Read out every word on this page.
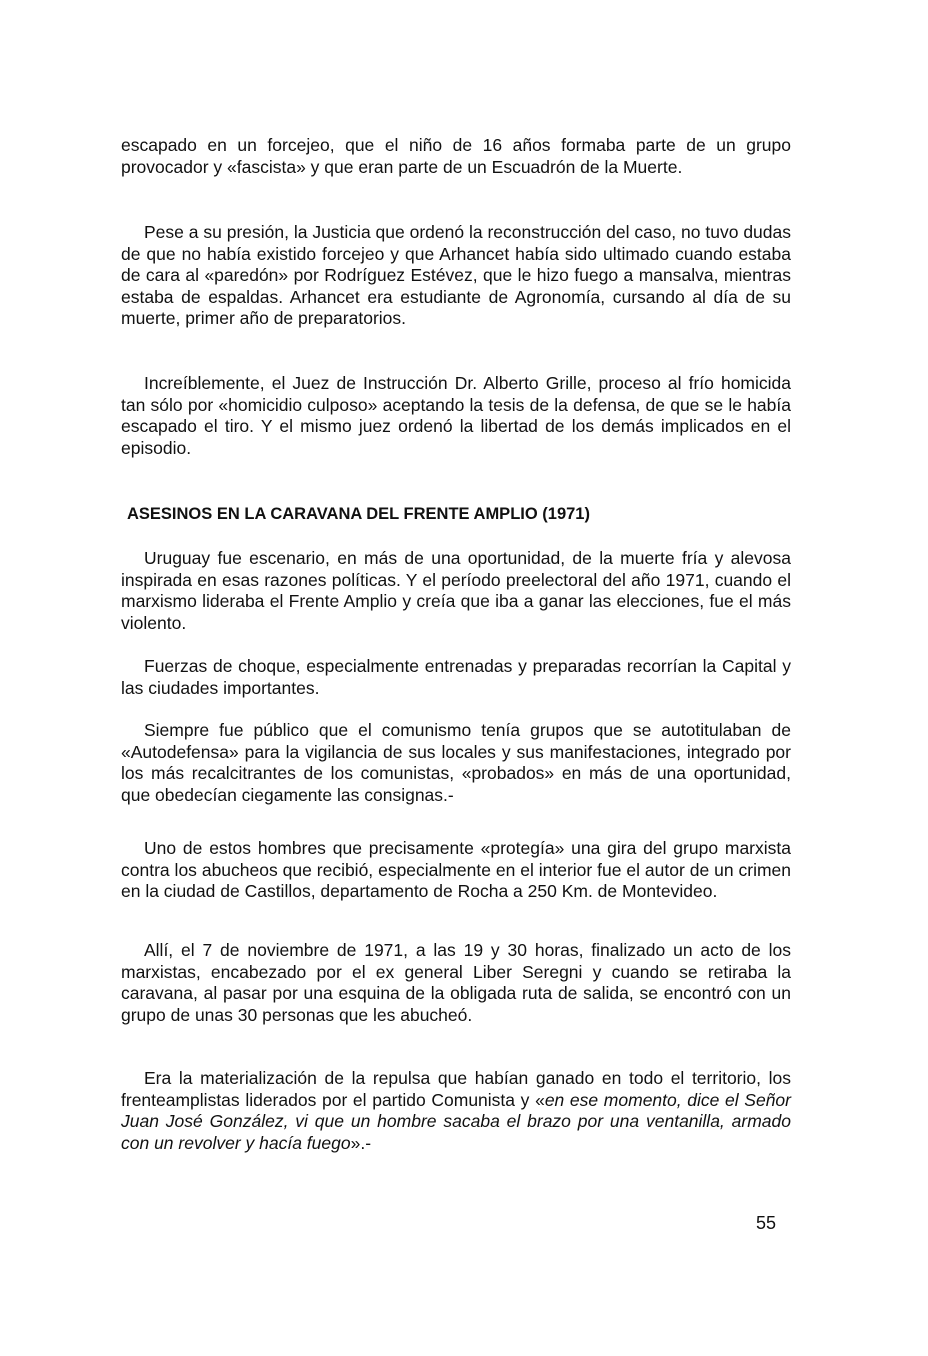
escapado en un forcejeo, que el niño de 16 años formaba parte de un grupo provocador y «fascista» y que eran parte de un Escuadrón de la Muerte.

Pese a su presión, la Justicia que ordenó la reconstrucción del caso, no tuvo dudas de que no había existido forcejeo y que Arhancet había sido ultimado cuando estaba de cara al «paredón» por Rodríguez Estévez, que le hizo fuego a mansalva, mientras estaba de espaldas. Arhancet era estudiante de Agronomía, cursando al día de su muerte, primer año de preparatorios.

Increíblemente, el Juez de Instrucción Dr. Alberto Grille, proceso al frío homicida tan sólo por «homicidio culposo» aceptando la tesis de la defensa, de que se le había escapado el tiro. Y el mismo juez ordenó la libertad de los demás implicados en el episodio.

ASESINOS EN LA CARAVANA DEL FRENTE AMPLIO (1971)

Uruguay fue escenario, en más de una oportunidad, de la muerte fría y alevosa inspirada en esas razones políticas. Y el período preelectoral del año 1971, cuando el marxismo lideraba el Frente Amplio y creía que iba a ganar las elecciones, fue el más violento.

Fuerzas de choque, especialmente entrenadas y preparadas recorrían la Capital y las ciudades importantes.

Siempre fue público que el comunismo tenía grupos que se autotitulaban de «Autodefensa» para la vigilancia de sus locales y sus manifestaciones, integrado por los más recalcitrantes de los comunistas, «probados» en más de una oportunidad, que obedecían ciegamente las consignas.-

Uno de estos hombres que precisamente «protegía» una gira del grupo marxista contra los abucheos que recibió, especialmente en el interior fue el autor de un crimen en la ciudad de Castillos, departamento de Rocha a 250 Km. de Montevideo.

Allí, el 7 de noviembre de 1971, a las 19 y 30 horas, finalizado un acto de los marxistas, encabezado por el ex general Liber Seregni y cuando se retiraba la caravana, al pasar por una esquina de la obligada ruta de salida, se encontró con un grupo de unas 30 personas que les abucheó.

Era la materialización de la repulsa que habían ganado en todo el territorio, los frenteamplistas liderados por el partido Comunista y «en ese momento, dice el Señor Juan José González, vi que un hombre sacaba el brazo por una ventanilla, armado con un revolver y hacía fuego».-

55
